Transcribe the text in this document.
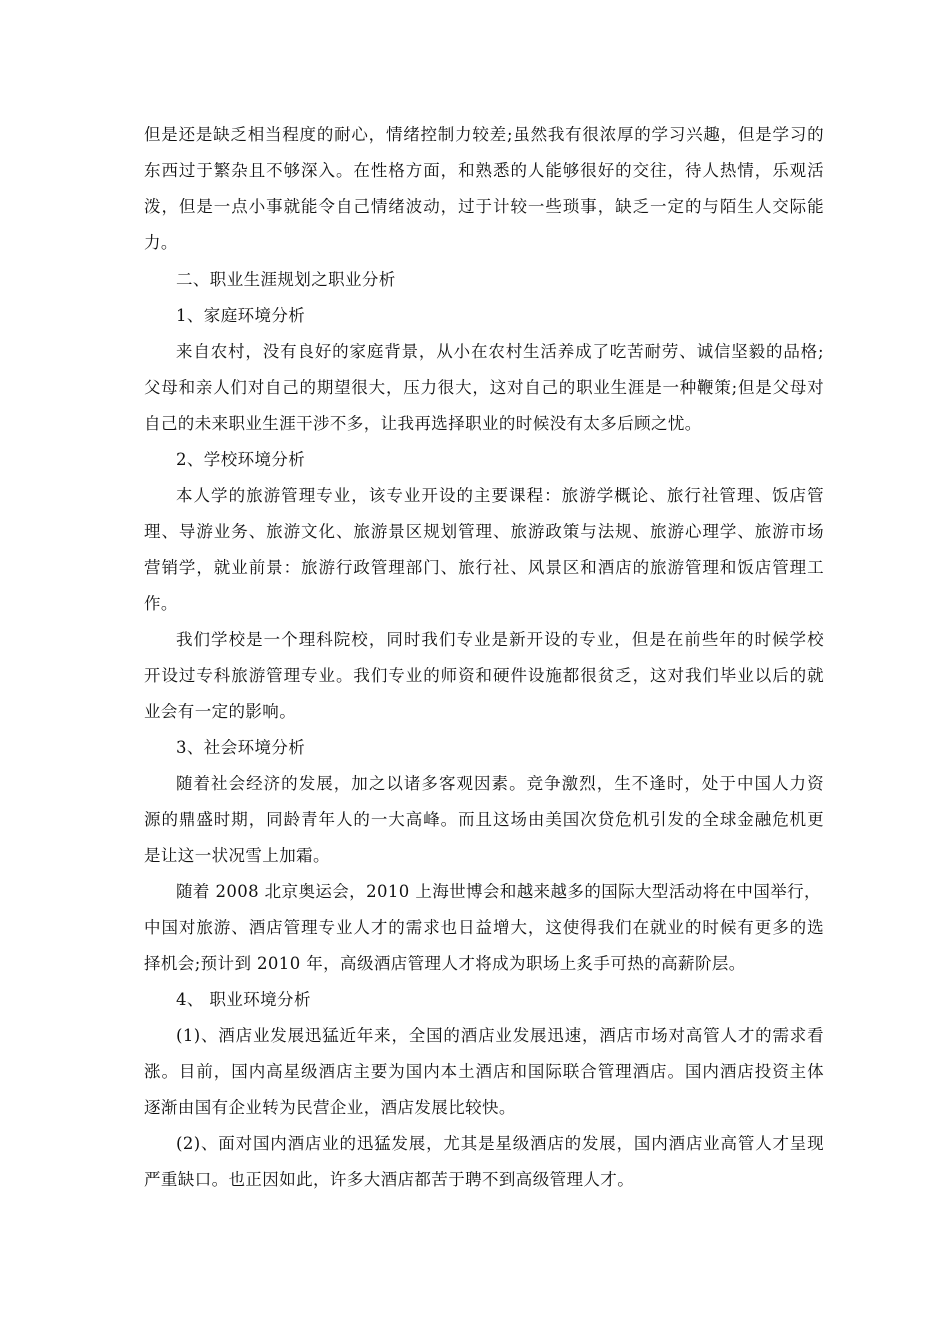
但是还是缺乏相当程度的耐心，情绪控制力较差;虽然我有很浓厚的学习兴趣，但是学习的
东西过于繁杂且不够深入。在性格方面，和熟悉的人能够很好的交往，待人热情，乐观活
泼，但是一点小事就能令自己情绪波动，过于计较一些琐事，缺乏一定的与陌生人交际能
力。
二、职业生涯规划之职业分析
1、家庭环境分析
来自农村，没有良好的家庭背景，从小在农村生活养成了吃苦耐劳、诚信坚毅的品格;
父母和亲人们对自己的期望很大，压力很大，这对自己的职业生涯是一种鞭策;但是父母对
自己的未来职业生涯干涉不多，让我再选择职业的时候没有太多后顾之忧。
2、学校环境分析
本人学的旅游管理专业，该专业开设的主要课程：旅游学概论、旅行社管理、饭店管
理、导游业务、旅游文化、旅游景区规划管理、旅游政策与法规、旅游心理学、旅游市场
营销学，就业前景：旅游行政管理部门、旅行社、风景区和酒店的旅游管理和饭店管理工
作。
我们学校是一个理科院校，同时我们专业是新开设的专业，但是在前些年的时候学校
开设过专科旅游管理专业。我们专业的师资和硬件设施都很贫乏，这对我们毕业以后的就
业会有一定的影响。
3、社会环境分析
随着社会经济的发展，加之以诸多客观因素。竞争激烈，生不逢时，处于中国人力资
源的鼎盛时期，同龄青年人的一大高峰。而且这场由美国次贷危机引发的全球金融危机更
是让这一状况雪上加霜。
随着 2008 北京奥运会，2010 上海世博会和越来越多的国际大型活动将在中国举行，
中国对旅游、酒店管理专业人才的需求也日益增大，这使得我们在就业的时候有更多的选
择机会;预计到 2010 年，高级酒店管理人才将成为职场上炙手可热的高薪阶层。
4、 职业环境分析
(1)、酒店业发展迅猛近年来，全国的酒店业发展迅速，酒店市场对高管人才的需求看
涨。目前，国内高星级酒店主要为国内本土酒店和国际联合管理酒店。国内酒店投资主体
逐渐由国有企业转为民营企业，酒店发展比较快。
(2)、面对国内酒店业的迅猛发展，尤其是星级酒店的发展，国内酒店业高管人才呈现
严重缺口。也正因如此，许多大酒店都苦于聘不到高级管理人才。
